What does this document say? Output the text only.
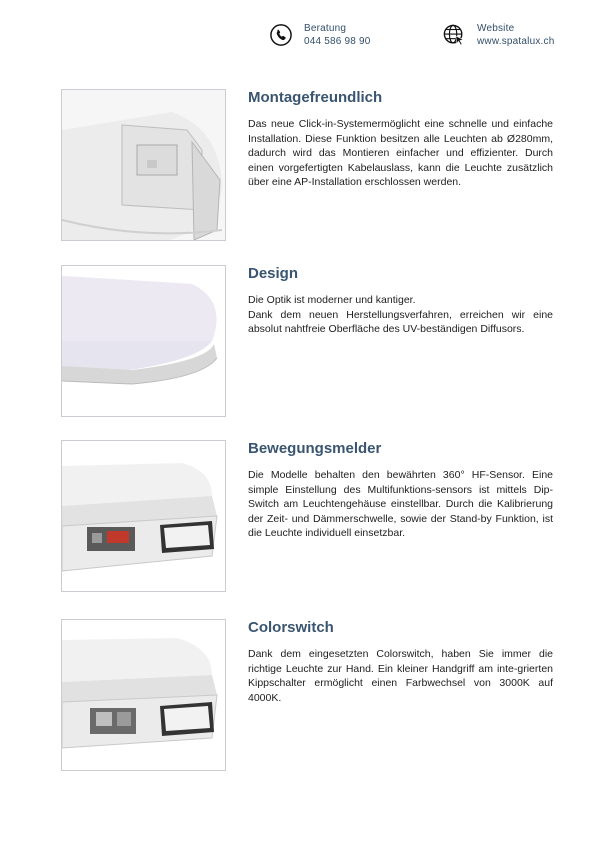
Beratung
044 586 98 90
Website
www.spatalux.ch
Montagefreundlich

Das neue Click-in-Systemermöglicht eine schnelle und einfache Installation. Diese Funktion besitzen alle Leuchten ab Ø280mm, dadurch wird das Montieren einfacher und effizienter. Durch einen vorgefertigten Kabelauslass, kann die Leuchte zusätzlich über eine AP-Installation erschlossen werden.

Design

Die Optik ist moderner und kantiger.

Dank dem neuen Herstellungsverfahren, erreichen wir eine absolut nahtfreie Oberfläche des UV-beständigen Diffusors.

Bewegungsmelder

Die Modelle behalten den bewährten 360° HF-Sensor. Eine simple Einstellung des Multifunktions-sensors ist mittels Dip-Switch am Leuchtengehäuse einstellbar. Durch die Kalibrierung der Zeit- und Dämmerschwelle, sowie der Stand-by Funktion, ist die Leuchte individuell einsetzbar.

Colorswitch

Dank dem eingesetzten Colorswitch, haben Sie immer die richtige Leuchte zur Hand. Ein kleiner Handgriff am inte-grierten Kippschalter ermöglicht einen Farbwechsel von 3000K auf 4000K.
